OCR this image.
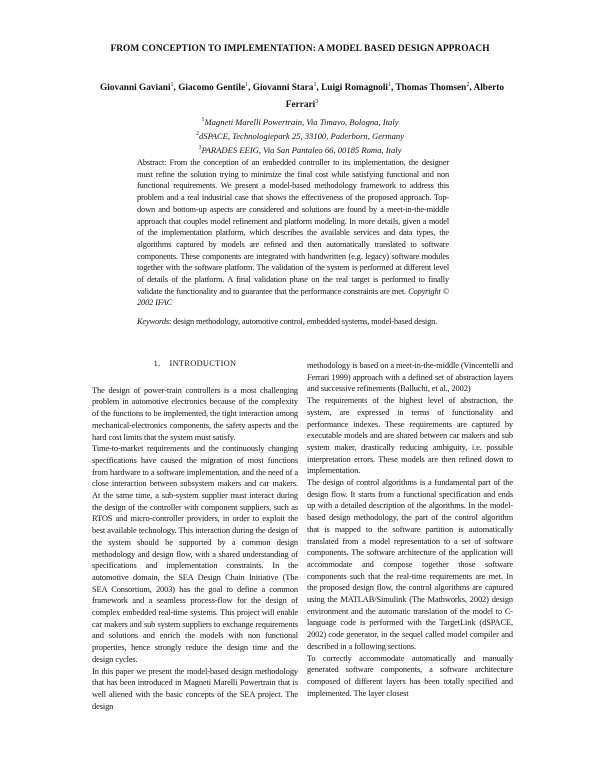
FROM CONCEPTION TO IMPLEMENTATION: A MODEL BASED DESIGN APPROACH
Giovanni Gaviani$^1$, Giacomo Gentile$^1$, Giovanni Stara$^1$, Luigi Romagnoli$^1$, Thomas Thomsen$^2$, Alberto Ferrari$^3$
$^1$Magneti Marelli Powertrain, Via Timavo, Bologna, Italy
$^2$dSPACE, Technologiepark 25, 33100, Paderborn, Germany
$^3$PARADES EEIG, Via San Pantaleo 66, 00185 Roma, Italy

Abstract: From the conception of an embedded controller to its implementation, the designer must refine the solution trying to minimize the final cost while satisfying functional and non functional requirements. We present a model-based methodology framework to address this problem and a real industrial case that shows the effectiveness of the proposed approach. Top-down and bottom-up aspects are considered and solutions are found by a meet-in-the-middle approach that couples model refinement and platform modeling. In more details, given a model of the implementation platform, which describes the available services and data types, the algorithms captured by models are refined and then automatically translated to software components. These components are integrated with handwritten (e.g. legacy) software modules together with the software platform. The validation of the system is performed at different level of details of the platform. A final validation phase on the real target is performed to finally validate the functionality and to guarantee that the performance constraints are met. Copyright © 2002 IFAC

Keywords: design methodology, automotive control, embedded systems, model-based design.

1. INTRODUCTION

The design of power-train controllers is a most challenging problem in automotive electronics because of the complexity of the functions to be implemented, the tight interaction among mechanical-electronics components, the safety aspects and the hard cost limits that the system must satisfy.

Time-to-market requirements and the continuously changing specifications have caused the migration of most functions from hardware to a software implementation, and the need of a close interaction between subsystem makers and car makers. At the same time, a sub-system supplier must interact during the design of the controller with component suppliers, such as RTOS and micro-controller providers, in order to exploit the best available technology. This interaction during the design of the system should be supported by a common design methodology and design flow, with a shared understanding of specifications and implementation constraints. In the automotive domain, the SEA Design Chain Initiative (The SEA Consortium, 2003) has the goal to define a common framework and a seamless process-flow for the design of complex embedded real-time systems. This project will enable car makers and sub system suppliers to exchange requirements and solutions and enrich the models with non functional properties, hence strongly reduce the design time and the design cycles.

In this paper we present the model-based design methodology that has been introduced in Magneti Marelli Powertrain that is well aliened with the basic concepts of the SEA project. The design

methodology is based on a meet-in-the-middle (Vincentelli and Ferrari 1999) approach with a defined set of abstraction layers and successive refinements (Balluchi, et al., 2002)

The requirements of the highest level of abstraction, the system, are expressed in terms of functionality and performance indexes. These requirements are captured by executable models and are shared between car makers and sub system maker, drastically reducing ambiguity, i.e. possible interpretation errors. These models are then refined down to implementation.

The design of control algorithms is a fundamental part of the design flow. It starts from a functional specification and ends up with a detailed description of the algorithms. In the model-based design methodology, the part of the control algorithm that is mapped to the software partition is automatically translated from a model representation to a set of software components. The software architecture of the application will accommodate and compose together those software components such that the real-time requirements are met. In the proposed design flow, the control algorithms are captured using the MATLAB/Simulink (The Mathworks, 2002) design environment and the automatic translation of the model to C-language code is performed with the TargetLink (dSPACE, 2002) code generator, in the sequel called model compiler and described in a following sections.

To correctly accommodate automatically and manually generated software components, a software architecture composed of different layers has been totally specified and implemented. The layer closest
